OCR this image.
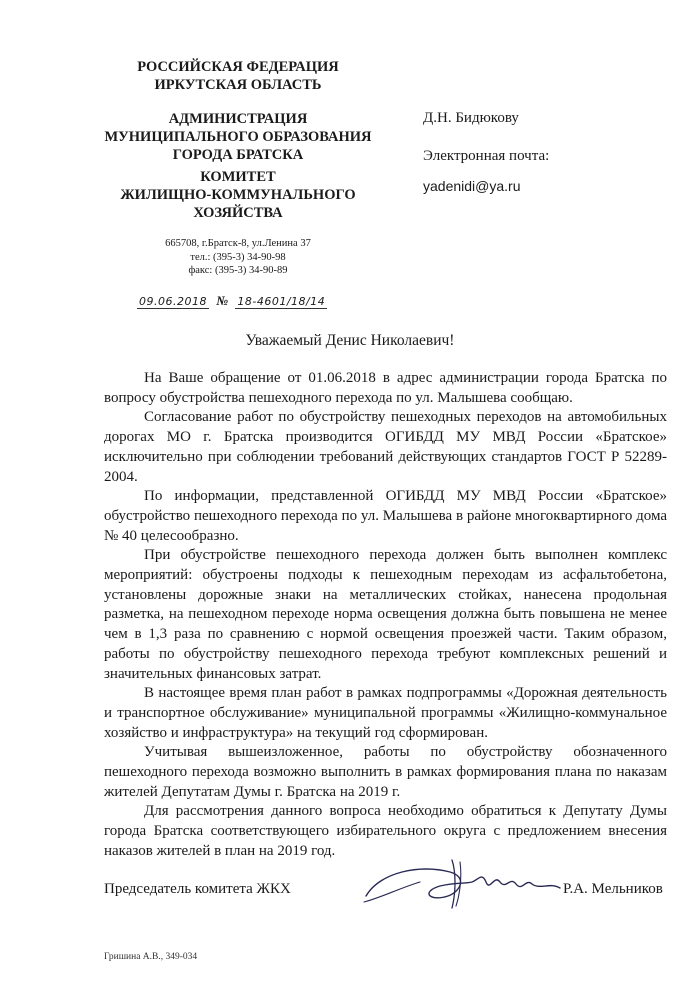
РОССИЙСКАЯ ФЕДЕРАЦИЯ
ИРКУТСКАЯ ОБЛАСТЬ
АДМИНИСТРАЦИЯ
МУНИЦИПАЛЬНОГО ОБРАЗОВАНИЯ
ГОРОДА БРАТСКА
КОМИТЕТ
ЖИЛИЩНО-КОММУНАЛЬНОГО
ХОЗЯЙСТВА
665708, г.Братск-8, ул.Ленина 37
тел.: (395-3) 34-90-98
факс: (395-3) 34-90-89
09.06.2018 № 18-4601/18/14
Д.Н. Бидюкову
Электронная почта:
yadenidi@ya.ru
Уважаемый Денис Николаевич!

На Ваше обращение от 01.06.2018 в адрес администрации города Братска по вопросу обустройства пешеходного перехода по ул. Малышева сообщаю.

Согласование работ по обустройству пешеходных переходов на автомобильных дорогах МО г. Братска производится ОГИБДД МУ МВД России «Братское» исключительно при соблюдении требований действующих стандартов ГОСТ Р 52289-2004.

По информации, представленной ОГИБДД МУ МВД России «Братское» обустройство пешеходного перехода по ул. Малышева в районе многоквартирного дома № 40 целесообразно.

При обустройстве пешеходного перехода должен быть выполнен комплекс мероприятий: обустроены подходы к пешеходным переходам из асфальтобетона, установлены дорожные знаки на металлических стойках, нанесена продольная разметка, на пешеходном переходе норма освещения должна быть повышена не менее чем в 1,3 раза по сравнению с нормой освещения проезжей части. Таким образом, работы по обустройству пешеходного перехода требуют комплексных решений и значительных финансовых затрат.

В настоящее время план работ в рамках подпрограммы «Дорожная деятельность и транспортное обслуживание» муниципальной программы «Жилищно-коммунальное хозяйство и инфраструктура» на текущий год сформирован.

Учитывая вышеизложенное, работы по обустройству обозначенного пешеходного перехода возможно выполнить в рамках формирования плана по наказам жителей Депутатам Думы г. Братска на 2019 г.

Для рассмотрения данного вопроса необходимо обратиться к Депутату Думы города Братска соответствующего избирательного округа с предложением внесения наказов жителей в план на 2019 год.

Председатель комитета ЖКХ	Р.А. Мельников
Гришина А.В., 349-034
